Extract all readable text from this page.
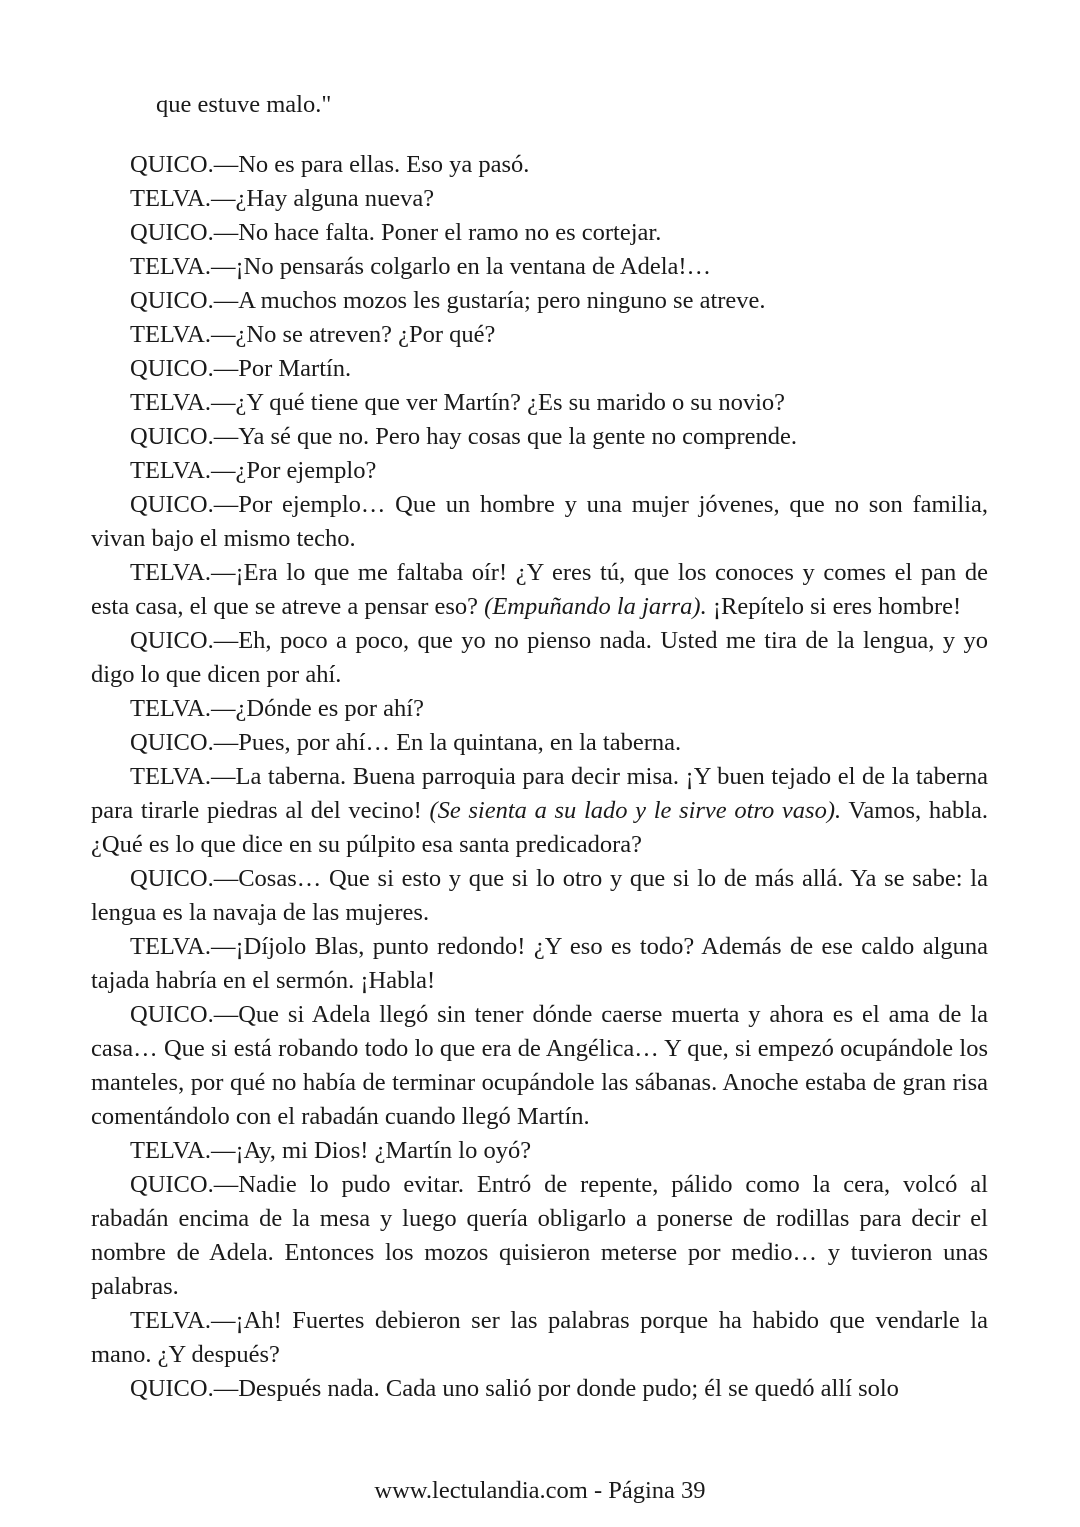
que estuve malo."

QUICO.—No es para ellas. Eso ya pasó.

TELVA.—¿Hay alguna nueva?

QUICO.—No hace falta. Poner el ramo no es cortejar.

TELVA.—¡No pensarás colgarlo en la ventana de Adela!…

QUICO.—A muchos mozos les gustaría; pero ninguno se atreve.

TELVA.—¿No se atreven? ¿Por qué?

QUICO.—Por Martín.

TELVA.—¿Y qué tiene que ver Martín? ¿Es su marido o su novio?

QUICO.—Ya sé que no. Pero hay cosas que la gente no comprende.

TELVA.—¿Por ejemplo?

QUICO.—Por ejemplo… Que un hombre y una mujer jóvenes, que no son familia, vivan bajo el mismo techo.

TELVA.—¡Era lo que me faltaba oír! ¿Y eres tú, que los conoces y comes el pan de esta casa, el que se atreve a pensar eso? (Empuñando la jarra). ¡Repítelo si eres hombre!

QUICO.—Eh, poco a poco, que yo no pienso nada. Usted me tira de la lengua, y yo digo lo que dicen por ahí.

TELVA.—¿Dónde es por ahí?

QUICO.—Pues, por ahí… En la quintana, en la taberna.

TELVA.—La taberna. Buena parroquia para decir misa. ¡Y buen tejado el de la taberna para tirarle piedras al del vecino! (Se sienta a su lado y le sirve otro vaso). Vamos, habla. ¿Qué es lo que dice en su púlpito esa santa predicadora?

QUICO.—Cosas… Que si esto y que si lo otro y que si lo de más allá. Ya se sabe: la lengua es la navaja de las mujeres.

TELVA.—¡Díjolo Blas, punto redondo! ¿Y eso es todo? Además de ese caldo alguna tajada habría en el sermón. ¡Habla!

QUICO.—Que si Adela llegó sin tener dónde caerse muerta y ahora es el ama de la casa… Que si está robando todo lo que era de Angélica… Y que, si empezó ocupándole los manteles, por qué no había de terminar ocupándole las sábanas. Anoche estaba de gran risa comentándolo con el rabadán cuando llegó Martín.

TELVA.—¡Ay, mi Dios! ¿Martín lo oyó?

QUICO.—Nadie lo pudo evitar. Entró de repente, pálido como la cera, volcó al rabadán encima de la mesa y luego quería obligarlo a ponerse de rodillas para decir el nombre de Adela. Entonces los mozos quisieron meterse por medio… y tuvieron unas palabras.

TELVA.—¡Ah! Fuertes debieron ser las palabras porque ha habido que vendarle la mano. ¿Y después?

QUICO.—Después nada. Cada uno salió por donde pudo; él se quedó allí solo

www.lectulandia.com - Página 39
